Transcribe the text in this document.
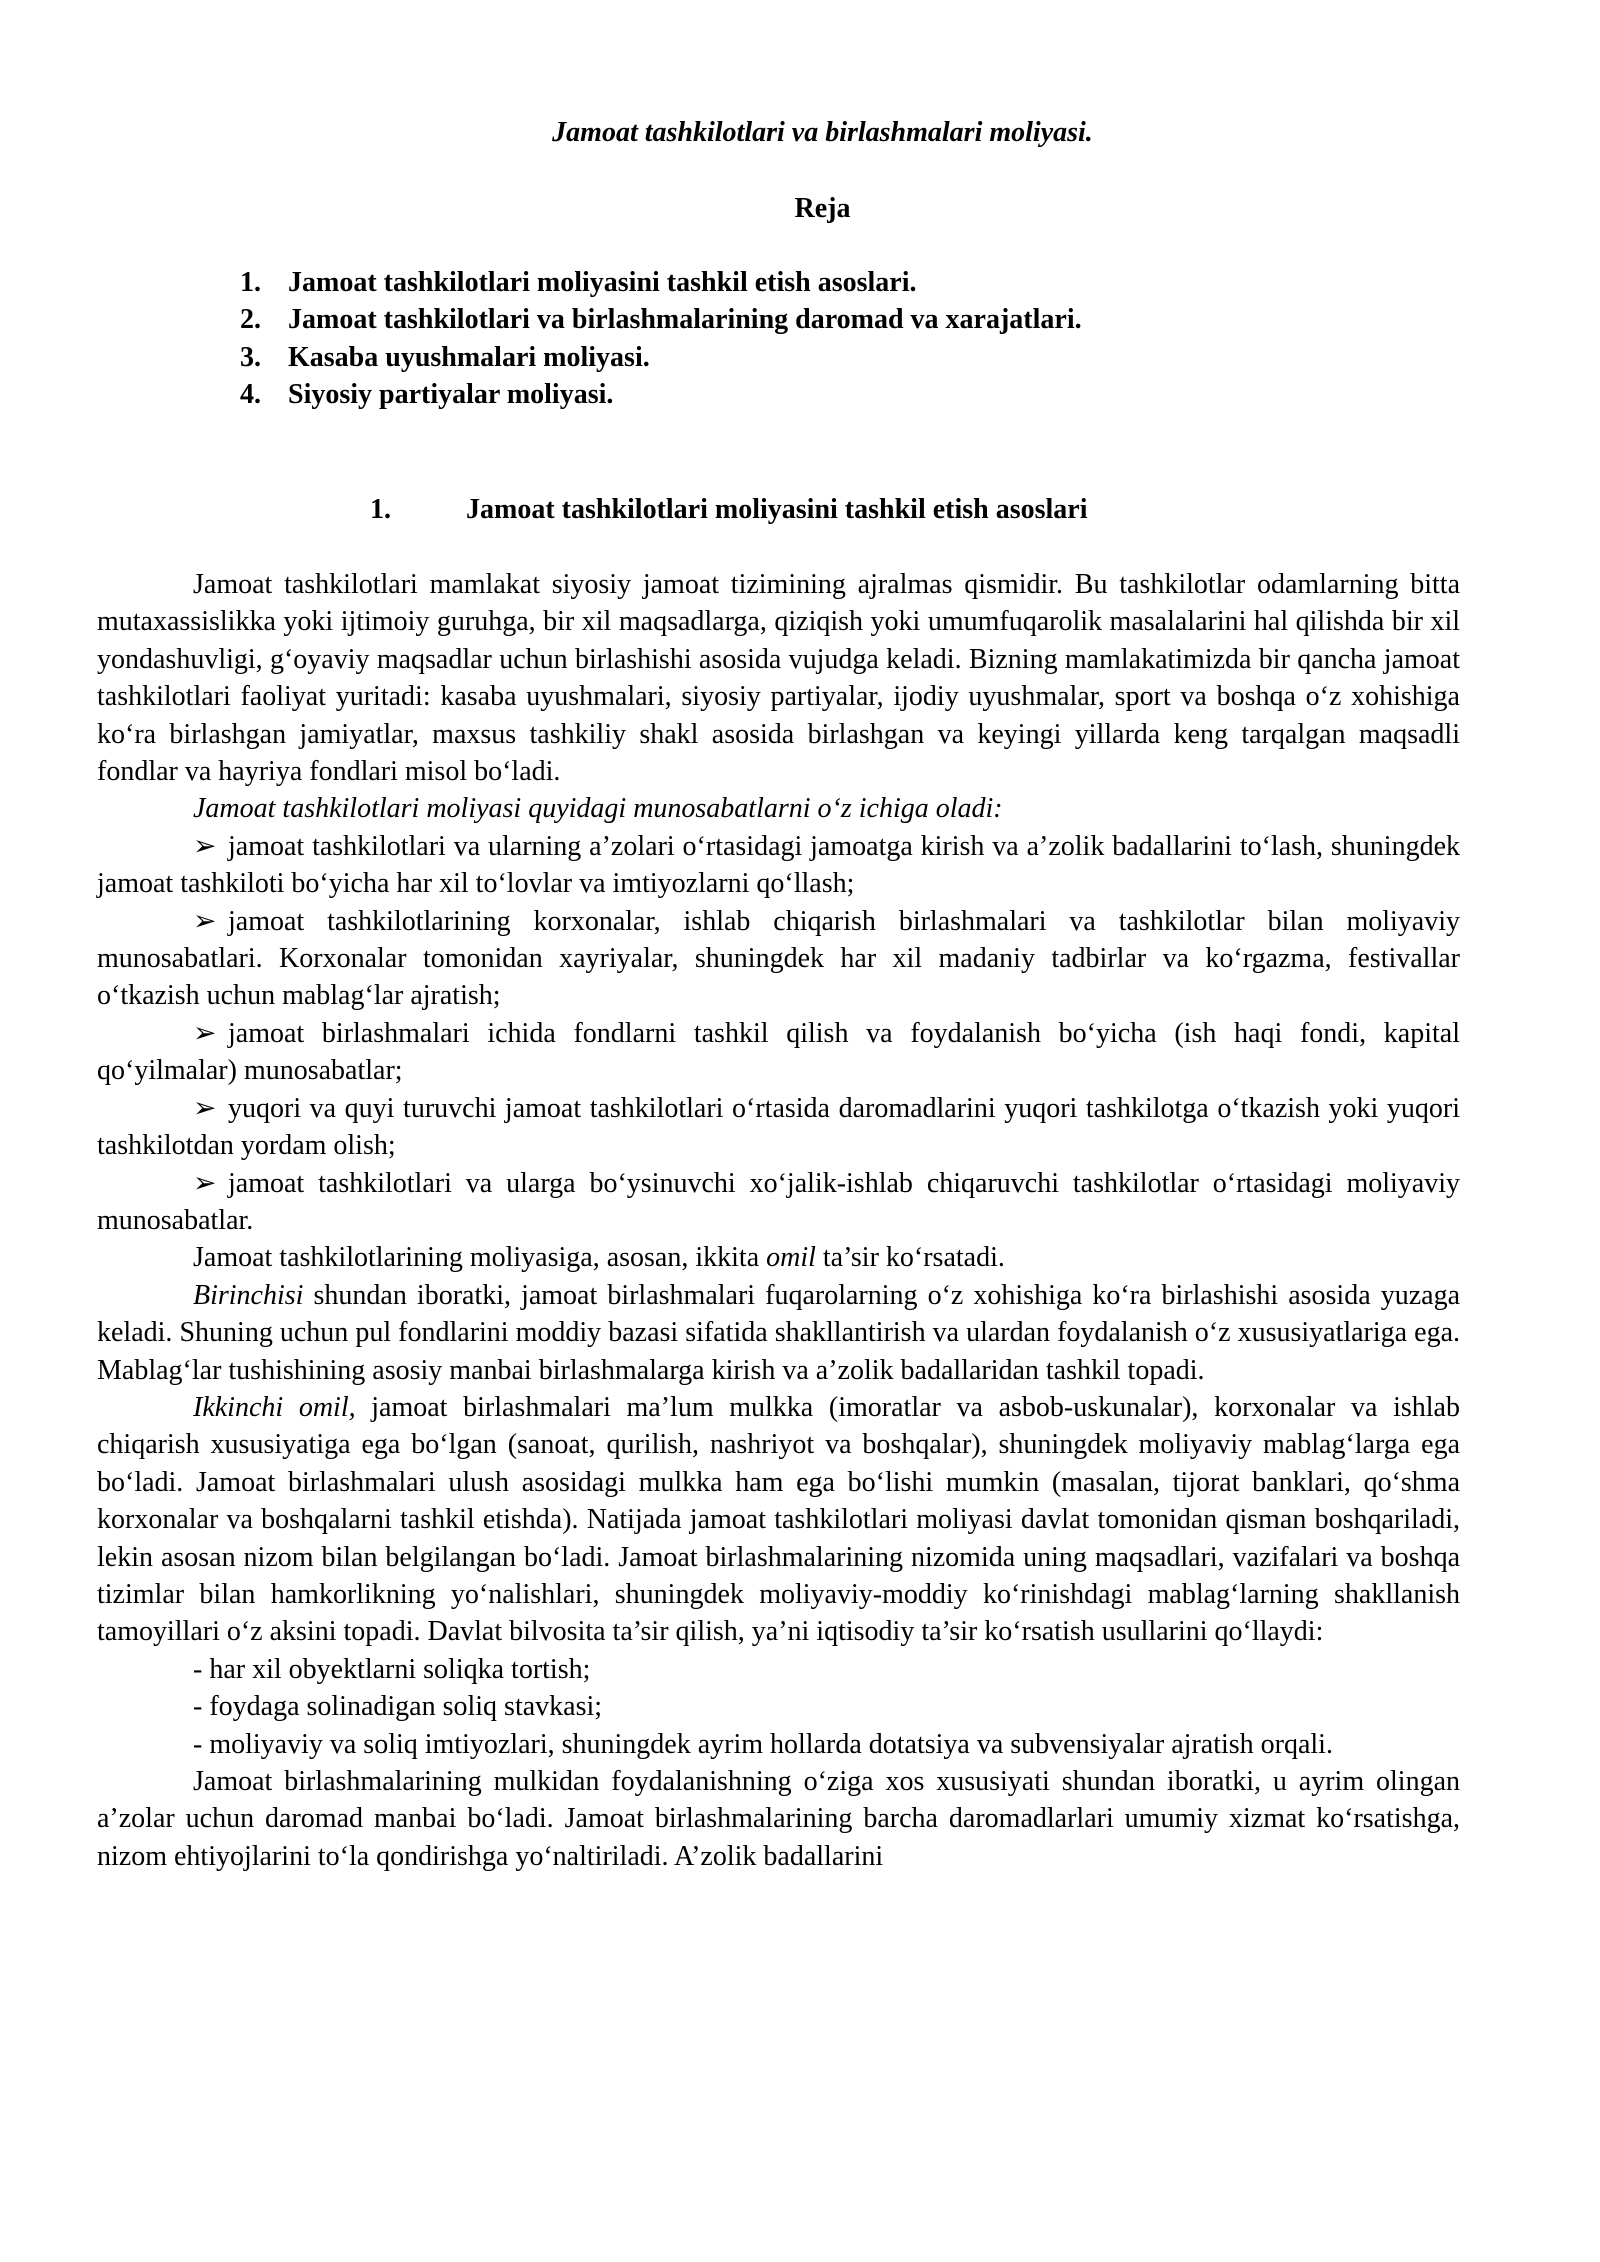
Jamoat tashkilotlari va birlashmalari moliyasi.
Reja
1. Jamoat tashkilotlari moliyasini tashkil etish asoslari.
2. Jamoat tashkilotlari va birlashmalarining daromad va xarajatlari.
3. Kasaba uyushmalari moliyasi.
4. Siyosiy partiyalar moliyasi.
1.	Jamoat tashkilotlari moliyasini tashkil etish asoslari

Jamoat tashkilotlari mamlakat siyosiy jamoat tizimining ajralmas qismidir. Bu tashkilotlar odamlarning bitta mutaxassislikka yoki ijtimoiy guruhga, bir xil maqsadlarga, qiziqish yoki umumfuqarolik masalalarini hal qilishda bir xil yondashuvligi, g‘oyaviy maqsadlar uchun birlashishi asosida vujudga keladi. Bizning mamlakatimizda bir qancha jamoat tashkilotlari faoliyat yuritadi: kasaba uyushmalari, siyosiy partiyalar, ijodiy uyushmalar, sport va boshqa o‘z xohishiga ko‘ra birlashgan jamiyatlar, maxsus tashkiliy shakl asosida birlashgan va keyingi yillarda keng tarqalgan maqsadli fondlar va hayriya fondlari misol bo‘ladi.

Jamoat tashkilotlari moliyasi quyidagi munosabatlarni o‘z ichiga oladi:

➢ jamoat tashkilotlari va ularning a’zolari o‘rtasidagi jamoatga kirish va a’zolik badallarini to‘lash, shuningdek jamoat tashkiloti bo‘yicha har xil to‘lovlar va imtiyozlarni qo‘llash;

➢ jamoat tashkilotlarining korxonalar, ishlab chiqarish birlashmalari va tashkilotlar bilan moliyaviy munosabatlari. Korxonalar tomonidan xayriyalar, shuningdek har xil madaniy tadbirlar va ko‘rgazma, festivallar o‘tkazish uchun mablag‘lar ajratish;

➢ jamoat birlashmalari ichida fondlarni tashkil qilish va foydalanish bo‘yicha (ish haqi fondi, kapital qo‘yilmalar) munosabatlar;

➢ yuqori va quyi turuvchi jamoat tashkilotlari o‘rtasida daromadlarini yuqori tashkilotga o‘tkazish yoki yuqori tashkilotdan yordam olish;

➢ jamoat tashkilotlari va ularga bo‘ysinuvchi xo‘jalik-ishlab chiqaruvchi tashkilotlar o‘rtasidagi moliyaviy munosabatlar.

Jamoat tashkilotlarining moliyasiga, asosan, ikkita omil ta’sir ko‘rsatadi.

Birinchisi shundan iboratki, jamoat birlashmalari fuqarolarning o‘z xohishiga ko‘ra birlashishi asosida yuzaga keladi. Shuning uchun pul fondlarini moddiy bazasi sifatida shakllantirish va ulardan foydalanish o‘z xususiyatlariga ega. Mablag‘lar tushishining asosiy manbai birlashmalarga kirish va a’zolik badallaridan tashkil topadi.

Ikkinchi omil, jamoat birlashmalari ma’lum mulkka (imoratlar va asbob-uskunalar), korxonalar va ishlab chiqarish xususiyatiga ega bo‘lgan (sanoat, qurilish, nashriyot va boshqalar), shuningdek moliyaviy mablag‘larga ega bo‘ladi. Jamoat birlashmalari ulush asosidagi mulkka ham ega bo‘lishi mumkin (masalan, tijorat banklari, qo‘shma korxonalar va boshqalarni tashkil etishda). Natijada jamoat tashkilotlari moliyasi davlat tomonidan qisman boshqariladi, lekin asosan nizom bilan belgilangan bo‘ladi. Jamoat birlashmalarining nizomida uning maqsadlari, vazifalari va boshqa tizimlar bilan hamkorlikning yo‘nalishlari, shuningdek moliyaviy-moddiy ko‘rinishdagi mablag‘larning shakllanish tamoyillari o‘z aksini topadi. Davlat bilvosita ta’sir qilish, ya’ni iqtisodiy ta’sir ko‘rsatish usullarini qo‘llaydi:

- har xil obyektlarni soliqka tortish;

- foydaga solinadigan soliq stavkasi;

- moliyaviy va soliq imtiyozlari, shuningdek ayrim hollarda dotatsiya va subvensiyalar ajratish orqali.

Jamoat birlashmalarining mulkidan foydalanishning o‘ziga xos xususiyati shundan iboratki, u ayrim olingan a’zolar uchun daromad manbai bo‘ladi. Jamoat birlashmalarining barcha daromadlarlari umumiy xizmat ko‘rsatishga, nizom ehtiyojlarini to‘la qondirishga yo‘naltiriladi. A’zolik badallarini
